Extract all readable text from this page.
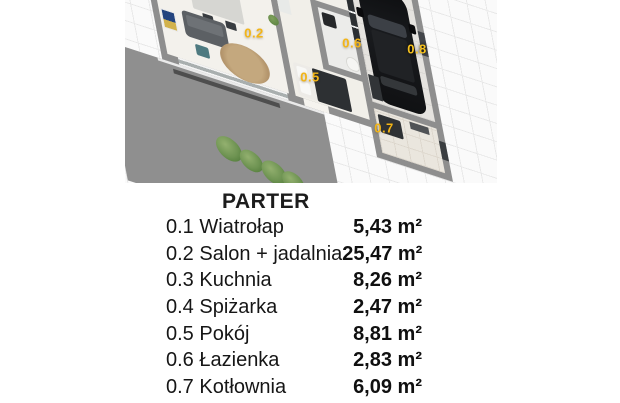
0.2
0.5
0.6
0.7
0.8
PARTER
0.1 Wiatrołap	5,43 m²
0.2 Salon + jadalnia 25,47 m²
0.3 Kuchnia	8,26 m²
0.4 Spiżarka	2,47 m²
0.5 Pokój	8,81 m²
0.6 Łazienka	2,83 m²
0.7 Kotłownia	6,09 m²
